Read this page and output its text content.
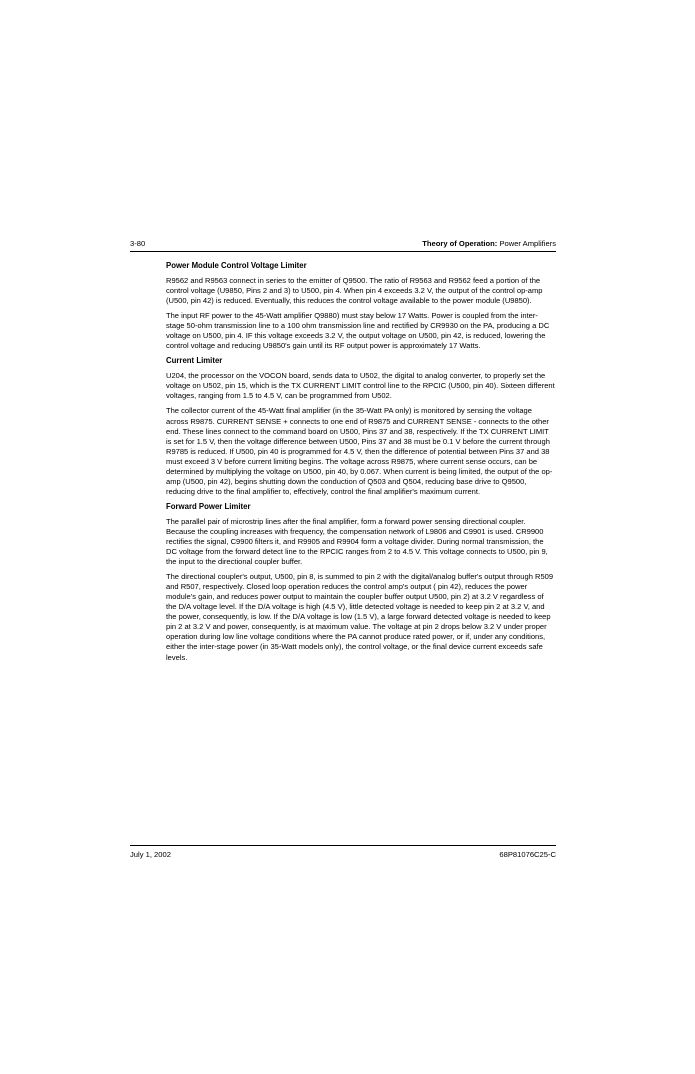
3-80	Theory of Operation: Power Amplifiers
Power Module Control Voltage Limiter

R9562 and R9563 connect in series to the emitter of Q9500. The ratio of R9563 and R9562 feed a portion of the control voltage (U9850, Pins 2 and 3) to U500, pin 4. When pin 4 exceeds 3.2 V, the output of the control op-amp (U500, pin 42) is reduced. Eventually, this reduces the control voltage available to the power module (U9850).

The input RF power to the 45-Watt amplifier Q9880) must stay below 17 Watts. Power is coupled from the inter-stage 50-ohm transmission line to a 100 ohm transmission line and rectified by CR9930 on the PA, producing a DC voltage on U500, pin 4. IF this voltage exceeds 3.2 V, the output voltage on U500, pin 42, is reduced, lowering the control voltage and reducing U9850's gain until its RF output power is approximately 17 Watts.

Current Limiter

U204, the processor on the VOCON board, sends data to U502, the digital to analog converter, to properly set the voltage on U502, pin 15, which is the TX CURRENT LIMIT control line to the RPCIC (U500, pin 40). Sixteen different voltages, ranging from 1.5 to 4.5 V, can be programmed from U502.

The collector current of the 45-Watt final amplifier (in the 35-Watt PA only) is monitored by sensing the voltage across R9875. CURRENT SENSE + connects to one end of R9875 and CURRENT SENSE - connects to the other end. These lines connect to the command board on U500, Pins 37 and 38, respectively. If the TX CURRENT LIMIT is set for 1.5 V, then the voltage difference between U500, Pins 37 and 38 must be 0.1 V before the current through R9785 is reduced. If U500, pin 40 is programmed for 4.5 V, then the difference of potential between Pins 37 and 38 must exceed 3 V before current limiting begins. The voltage across R9875, where current sense occurs, can be determined by multiplying the voltage on U500, pin 40, by 0.067. When current is being limited, the output of the op-amp (U500, pin 42), begins shutting down the conduction of Q503 and Q504, reducing base drive to Q9500, reducing drive to the final amplifier to, effectively, control the final amplifier's maximum current.

Forward Power Limiter

The parallel pair of microstrip lines after the final amplifier, form a forward power sensing directional coupler. Because the coupling increases with frequency, the compensation network of L9806 and C9901 is used. CR9900 rectifies the signal, C9900 filters it, and R9905 and R9904 form a voltage divider. During normal transmission, the DC voltage from the forward detect line to the RPCIC ranges from 2 to 4.5 V. This voltage connects to U500, pin 9, the input to the directional coupler buffer.

The directional coupler's output, U500, pin 8, is summed to pin 2 with the digital/analog buffer's output through R509 and R507, respectively. Closed loop operation reduces the control amp's output ( pin 42), reduces the power module's gain, and reduces power output to maintain the coupler buffer output U500, pin 2) at 3.2 V regardless of the D/A voltage level. If the D/A voltage is high (4.5 V), little detected voltage is needed to keep pin 2 at 3.2 V, and the power, consequently, is low. If the D/A voltage is low (1.5 V), a large forward detected voltage is needed to keep pin 2 at 3.2 V and power, consequently, is at maximum value. The voltage at pin 2 drops below 3.2 V under proper operation during low line voltage conditions where the PA cannot produce rated power, or if, under any conditions, either the inter-stage power (in 35-Watt models only), the control voltage, or the final device current exceeds safe levels.

July 1, 2002	68P81076C25-C
